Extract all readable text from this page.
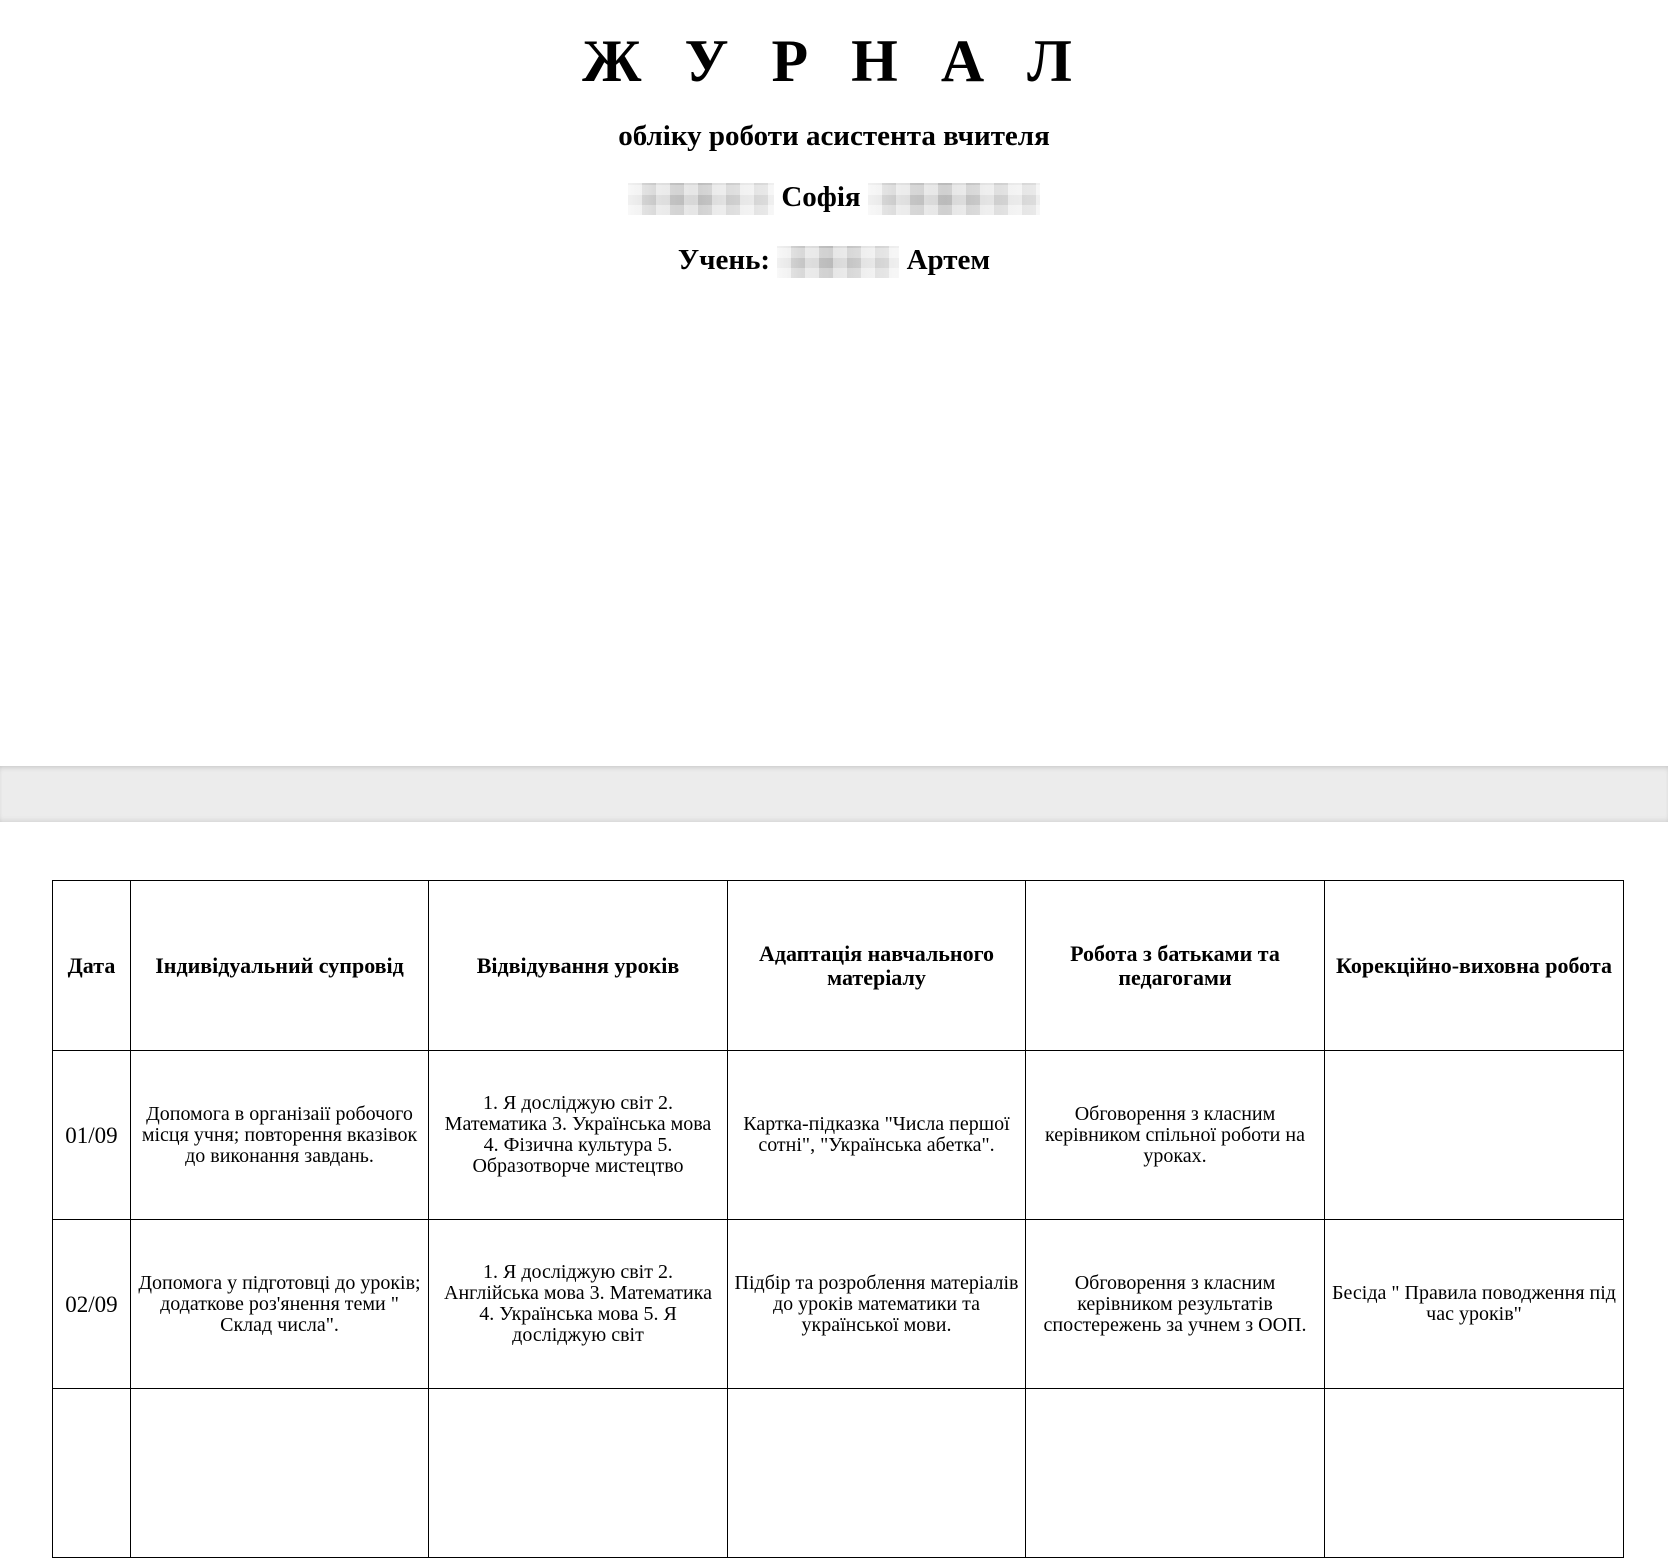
Ж У Р Н А Л
обліку роботи асистента вчителя
Софія
Учень:	Артем
Дата	Індивідуальний супровід	Відвідування уроків	Адаптація навчального матеріалу	Робота з батьками та педагогами	Корекційно-виховна робота
01/09	Допомога в організаії робочого місця учня; повторення вказівок до виконання завдань.	1. Я досліджую світ 2. Математика 3. Українська мова 4. Фізична культура 5. Образотворче мистецтво	Картка-підказка "Числа першої сотні", "Українська абетка".	Обговорення з класним керівником спільної роботи на уроках.	
02/09	Допомога у підготовці до уроків; додаткове роз'янення теми " Склад числа".	1. Я досліджую світ 2. Англійська мова 3. Математика 4. Українська мова 5. Я досліджую світ	Підбір та розроблення матеріалів до уроків математики та української мови.	Обговорення з класним керівником результатів спостережень за учнем з ООП.	Бесіда " Правила поводження під час уроків"
